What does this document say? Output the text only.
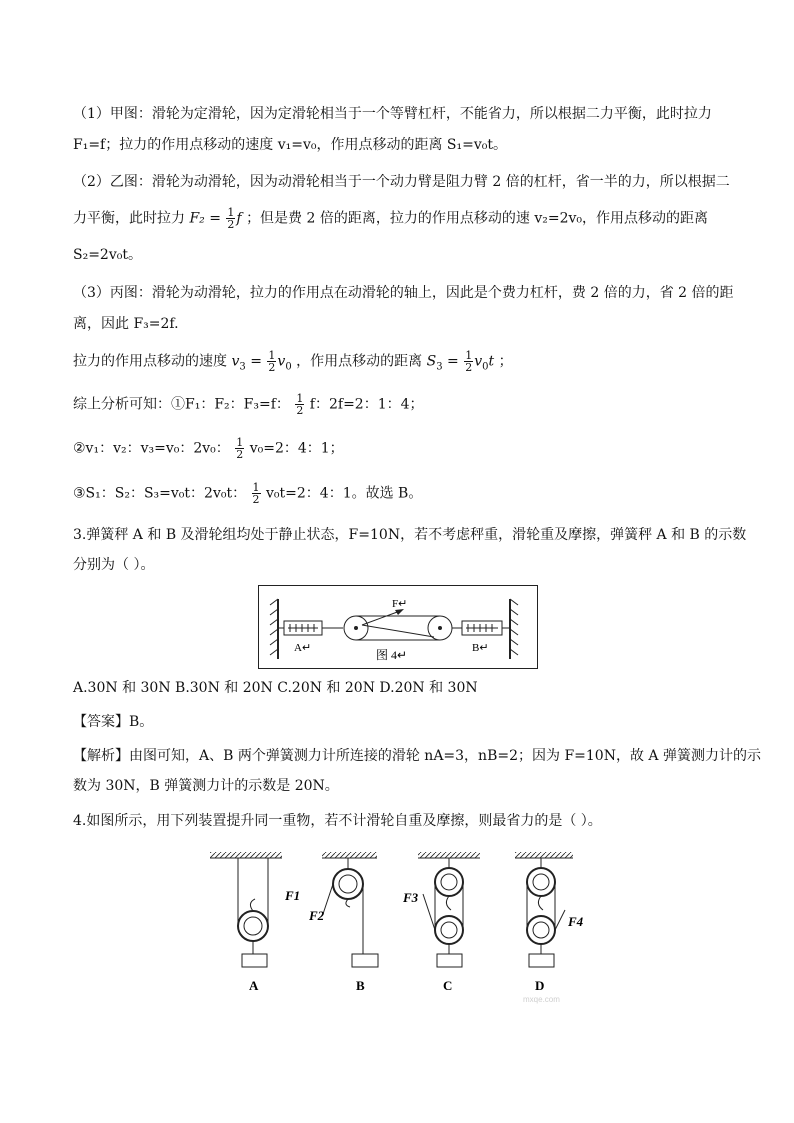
（1）甲图：滑轮为定滑轮，因为定滑轮相当于一个等臂杠杆，不能省力，所以根据二力平衡，此时拉力
F₁=f；拉力的作用点移动的速度 v₁=v₀，作用点移动的距离 S₁=v₀t。
（2）乙图：滑轮为动滑轮，因为动滑轮相当于一个动力臂是阻力臂 2 倍的杠杆，省一半的力，所以根据二
力平衡，此时拉力 $F_2 = \frac{1}{2}$ f ；但是费 2 倍的距离，拉力的作用点移动的速 v₂=2v₀，作用点移动的距离
S₂=2v₀t。
（3）丙图：滑轮为动滑轮，拉力的作用点在动滑轮的轴上，因此是个费力杠杆，费 2 倍的力，省 2 倍的距
离，因此 F₃=2f.
拉力的作用点移动的速度 $v_3 = \frac{1}{2} v_0$ ，作用点移动的距离 $S_3 = \frac{1}{2} v_0t$ ；
综上分析可知：①F₁：F₂：F₃=f： $\frac{1}{2}$ f：2f=2：1：4；
②v₁：v₂：v₃=v₀：2v₀： $\frac{1}{2} v_0=2$：4：1；
③S₁：S₂：S₃=v₀t：2v₀t： $\frac{1}{2} v_0t=2$：4：1。故选 B。
3.弹簧秤 A 和 B 及滑轮组均处于静止状态，F=10N，若不考虑秤重，滑轮重及摩擦，弹簧秤 A 和 B 的示数
分别为（ ）。
A↵	B↵
F↵
图 4↵
A.30N 和 30N B.30N 和 20N C.20N 和 20N D.20N 和 30N
【答案】B。
【解析】由图可知，A、B 两个弹簧测力计所连接的滑轮 nA=3，nB=2；因为 F=10N，故 A 弹簧测力计的示
数为 30N，B 弹簧测力计的示数是 20N。
4.如图所示，用下列装置提升同一重物，若不计滑轮自重及摩擦，则最省力的是（ ）。
F1
A
F2
B
F3
C
F4
D
mxqe.com
